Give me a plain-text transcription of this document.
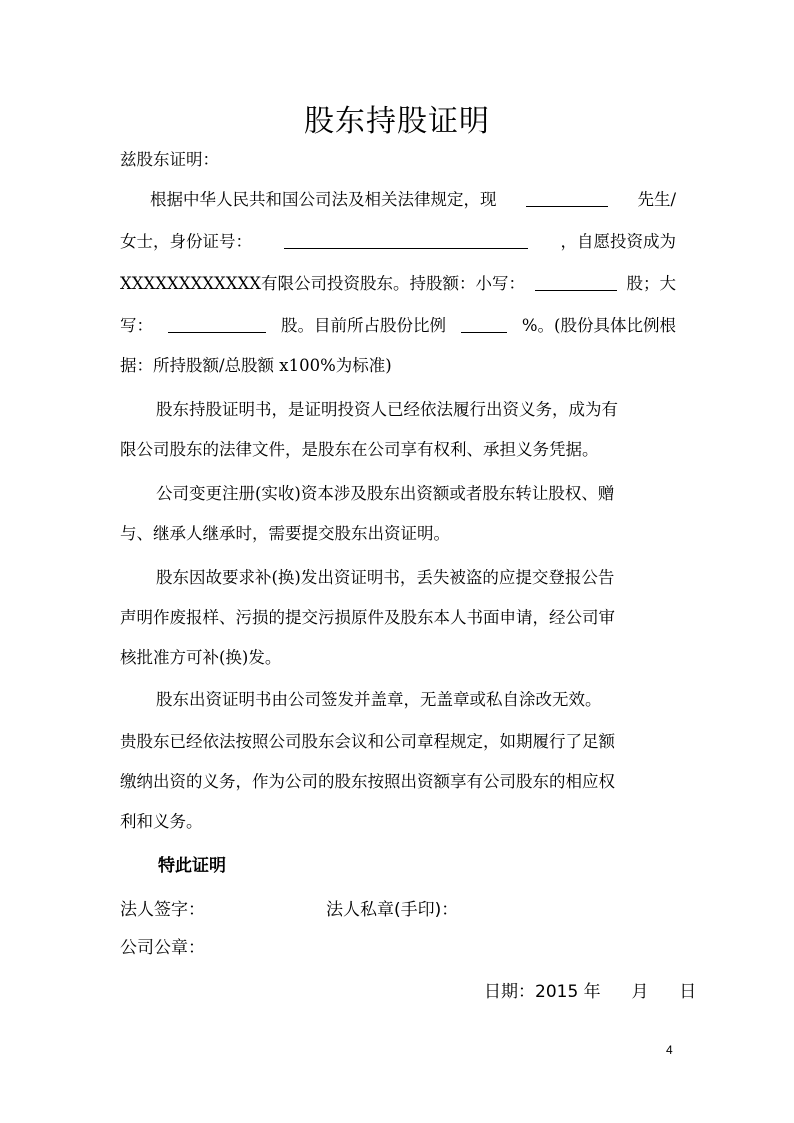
股东持股证明
兹股东证明：
根据中华人民共和国公司法及相关法律规定，现	先生/
女士，身份证号：	，自愿投资成为
XXXXXXXXXXXX有限公司投资股东。持股额：小写：	股；大
写：	股。目前所占股份比例	%。(股份具体比例根
据：所持股额/总股额 x100%为标准)
股东持股证明书，是证明投资人已经依法履行出资义务，成为有
限公司股东的法律文件，是股东在公司享有权利、承担义务凭据。
公司变更注册(实收)资本涉及股东出资额或者股东转让股权、赠
与、继承人继承时，需要提交股东出资证明。
股东因故要求补(换)发出资证明书，丢失被盗的应提交登报公告
声明作废报样、污损的提交污损原件及股东本人书面申请，经公司审
核批准方可补(换)发。
股东出资证明书由公司签发并盖章，无盖章或私自涂改无效。
贵股东已经依法按照公司股东会议和公司章程规定，如期履行了足额
缴纳出资的义务，作为公司的股东按照出资额享有公司股东的相应权
利和义务。
特此证明
法人签字：	法人私章(手印)：
公司公章：
日期：2015 年 月 日
4
